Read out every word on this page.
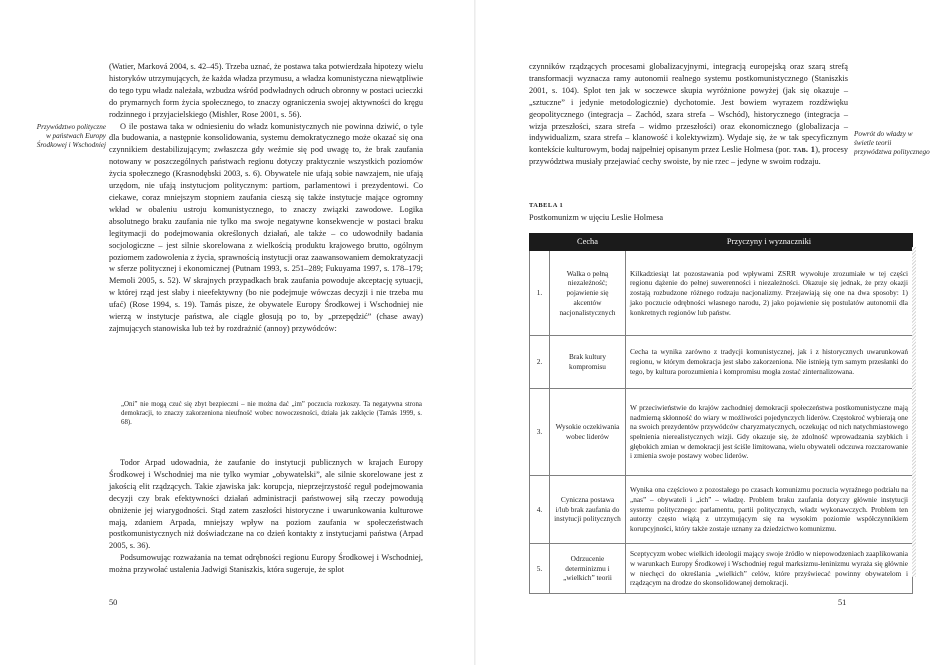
Przywództwo polityczne w państwach Europy Środkowej i Wschodniej

(Watier, Marková 2004, s. 42–45). Trzeba uznać, że postawa taka potwierdzała hipotezy wielu historyków utrzymujących, że każda władza przymusu, a władza komunistyczna niewątpliwie do tego typu władz należała, wzbudza wśród podwładnych odruch obronny w postaci ucieczki do prymarnych form życia społecznego, to znaczy ograniczenia swojej aktywności do kręgu rodzinnego i przyjacielskiego (Mishler, Rose 2001, s. 56).

O ile postawa taka w odniesieniu do władz komunistycznych nie powinna dziwić, o tyle dla budowania, a następnie konsolidowania, systemu demokratycznego może okazać się ona czynnikiem destabilizującym; zwłaszcza gdy weźmie się pod uwagę to, że brak zaufania notowany w poszczególnych państwach regionu dotyczy praktycznie wszystkich poziomów życia społecznego (Krasnodębski 2003, s. 6). Obywatele nie ufają sobie nawzajem, nie ufają urzędom, nie ufają instytucjom politycznym: partiom, parlamentowi i prezydentowi. Co ciekawe, coraz mniejszym stopniem zaufania cieszą się także instytucje mające ogromny wkład w obaleniu ustroju komunistycznego, to znaczy związki zawodowe. Logika absolutnego braku zaufania nie tylko ma swoje negatywne konsekwencje w postaci braku legitymacji do podejmowania określonych działań, ale także – co udowodniły badania socjologiczne – jest silnie skorelowana z wielkością produktu krajowego brutto, ogólnym poziomem zadowolenia z życia, sprawnością instytucji oraz zaawansowaniem demokratyzacji w sferze politycznej i ekonomicznej (Putnam 1993, s. 251–289; Fukuyama 1997, s. 178–179; Memoli 2005, s. 52). W skrajnych przypadkach brak zaufania powoduje akceptację sytuacji, w której rząd jest słaby i nieefektywny (bo nie podejmuje wówczas decyzji i nie trzeba mu ufać) (Rose 1994, s. 19). Tamás pisze, że obywatele Europy Środkowej i Wschodniej nie wierzą w instytucje państwa, ale ciągle głosują po to, by „przepędzić” (chase away) zajmujących stanowiska lub też by rozdrażnić (annoy) przywódców:

„Oni” nie mogą czuć się zbyt bezpieczni – nie można dać „im” poczucia rozkoszy. Ta negatywna strona demokracji, to znaczy zakorzeniona nieufność wobec nowoczesności, działa jak zaklęcie (Tamás 1999, s. 68).

Todor Arpad udowadnia, że zaufanie do instytucji publicznych w krajach Europy Środkowej i Wschodniej ma nie tylko wymiar „obywatelski”, ale silnie skorelowane jest z jakością elit rządzących. Takie zjawiska jak: korupcja, nieprzejrzystość reguł podejmowania decyzji czy brak efektywności działań administracji państwowej siłą rzeczy powodują obniżenie jej wiarygodności. Stąd zatem zaszłości historyczne i uwarunkowania kulturowe mają, zdaniem Arpada, mniejszy wpływ na poziom zaufania w społeczeństwach postkomunistycznych niż doświadczane na co dzień kontakty z instytucjami państwa (Arpad 2005, s. 36).

Podsumowując rozważania na temat odrębności regionu Europy Środkowej i Wschodniej, można przywołać ustalenia Jadwigi Staniszkis, która sugeruje, że splot

50

czynników rządzących procesami globalizacyjnymi, integracją europejską oraz szarą strefą transformacji wyznacza ramy autonomii realnego systemu postkomunistycznego (Staniszkis 2001, s. 104). Splot ten jak w soczewce skupia wyróżnione powyżej (jak się okazuje – „sztuczne” i jedynie metodologicznie) dychotomie. Jest bowiem wyrazem rozdźwięku geopolitycznego (integracja – Zachód, szara strefa – Wschód), historycznego (integracja – wizja przeszłości, szara strefa – widmo przeszłości) oraz ekonomicznego (globalizacja – indywidualizm, szara strefa – klanowość i kolektywizm). Wydaje się, że w tak specyficznym kontekście kulturowym, bodaj najpełniej opisanym przez Leslie Holmesa (por. tab. 1), procesy przywództwa musiały przejawiać cechy swoiste, by nie rzec – jedyne w swoim rodzaju.

Powrót do władzy w świetle teorii przywództwa politycznego
TABELA 1
Postkomunizm w ujęciu Leslie Holmesa
	Cecha	Przyczyny i wyznaczniki
1.	Walka o pełną niezależność; pojawienie się akcentów nacjonalistycznych	Kilkadziesiąt lat pozostawania pod wpływami ZSRR wywołuje zrozumiałe w tej części regionu dążenie do pełnej suwerenności i niezależności. Okazuje się jednak, że przy okazji zostają rozbudzone różnego rodzaju nacjonalizmy. Przejawiają się one na dwa sposoby: 1) jako poczucie odrębności własnego narodu, 2) jako pojawienie się postulatów autonomii dla konkretnych regionów lub państw.
2.	Brak kultury kompromisu	Cecha ta wynika zarówno z tradycji komunistycznej, jak i z historycznych uwarunkowań regionu, w którym demokracja jest słabo zakorzeniona. Nie istnieją tym samym przesłanki do tego, by kultura porozumienia i kompromisu mogła zostać zinternalizowana.
3.	Wysokie oczekiwania wobec liderów	W przeciwieństwie do krajów zachodniej demokracji społeczeństwa postkomunistyczne mają nadmierną skłonność do wiary w możliwości pojedynczych liderów. Częstokroć wybierają one na swoich prezydentów przywódców charyzmatycznych, oczekując od nich natychmiastowego spełnienia nierealistycznych wizji. Gdy okazuje się, że zdolność wprowadzania szybkich i głębokich zmian w demokracji jest ściśle limitowana, wielu obywateli odczuwa rozczarowanie i zmienia swoje postawy wobec liderów.
4.	Cyniczna postawa i/lub brak zaufania do instytucji politycznych	Wynika ona częściowo z pozostałego po czasach komunizmu poczucia wyraźnego podziału na „nas” – obywateli i „ich” – władzę. Problem braku zaufania dotyczy głównie instytucji systemu politycznego: parlamentu, partii politycznych, władz wykonawczych. Problem ten autorzy często wiążą z utrzymującym się na wysokim poziomie współczynnikiem korupcyjności, który także zostaje uznany za dziedzictwo komunizmu.
5.	Odrzucenie determinizmu i „wielkich” teorii	Sceptycyzm wobec wielkich ideologii mający swoje źródło w niepowodzeniach zaaplikowania w warunkach Europy Środkowej i Wschodniej reguł marksizmu-leninizmu wyraża się głównie w niechęci do określania „wielkich” celów, które przyświecać powinny obywatelom i rządzącym na drodze do skonsolidowanej demokracji.
51
